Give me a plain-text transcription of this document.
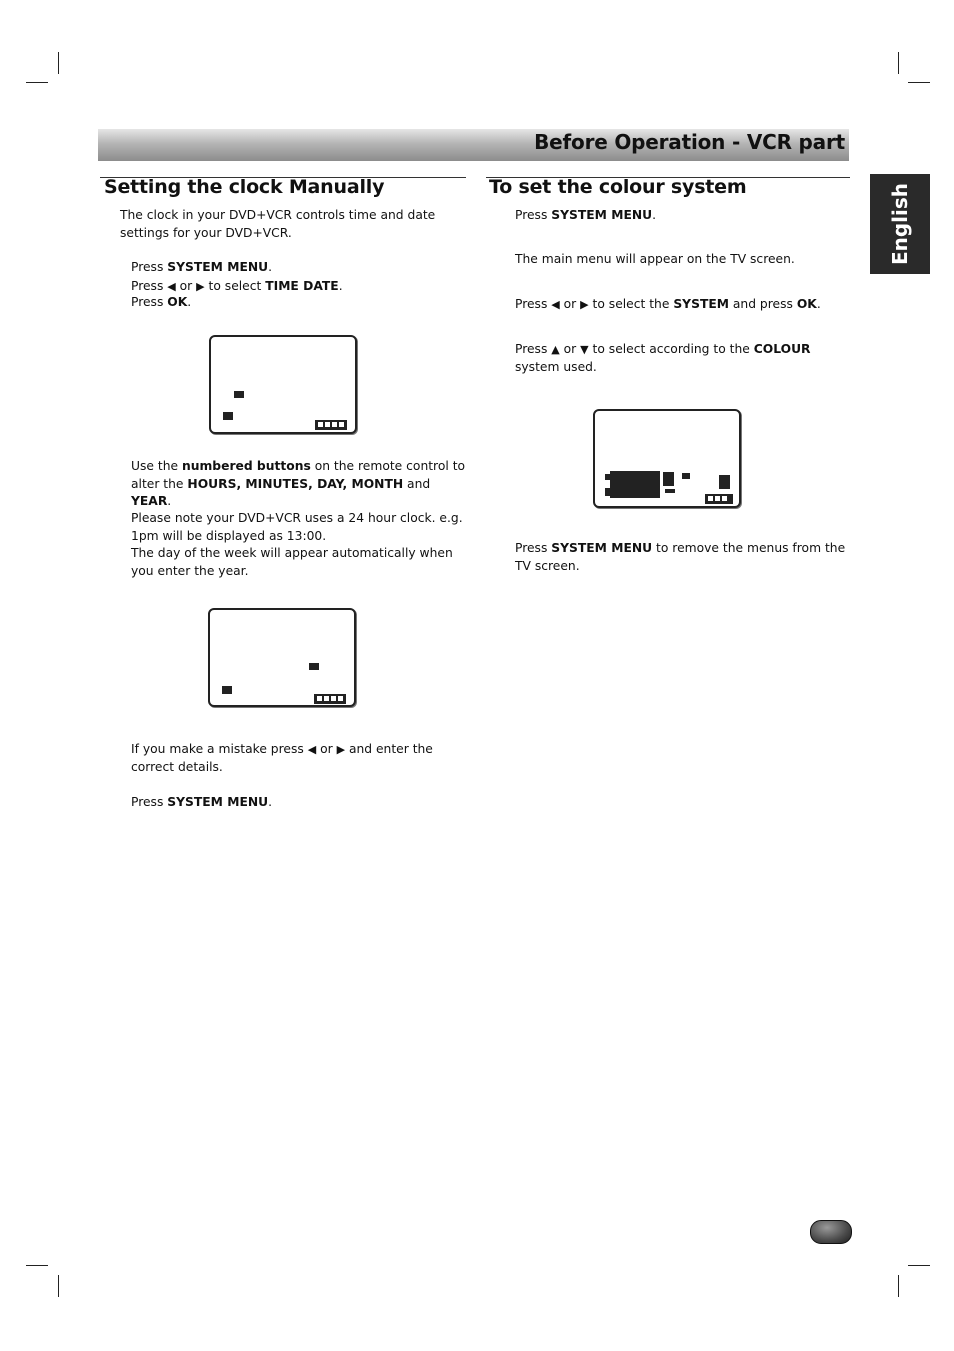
Before Operation - VCR part
English
Setting the clock Manually
The clock in your DVD+VCR controls time and date settings for your DVD+VCR.
Press SYSTEM MENU.
Press ◀ or ▶ to select TIME DATE.
Press OK.
Use the numbered buttons on the remote control to alter the HOURS, MINUTES, DAY, MONTH and YEAR.
Please note your DVD+VCR uses a 24 hour clock. e.g. 1pm will be displayed as 13:00.
The day of the week will appear automatically when you enter the year.
If you make a mistake press ◀ or ▶ and enter the correct details.
Press SYSTEM MENU.
To set the colour system
Press SYSTEM MENU.
The main menu will appear on the TV screen.
Press ◀ or ▶ to select the SYSTEM and press OK.
Press ▲ or ▼ to select according to the COLOUR
system used.
Press SYSTEM MENU to remove the menus from the TV screen.
